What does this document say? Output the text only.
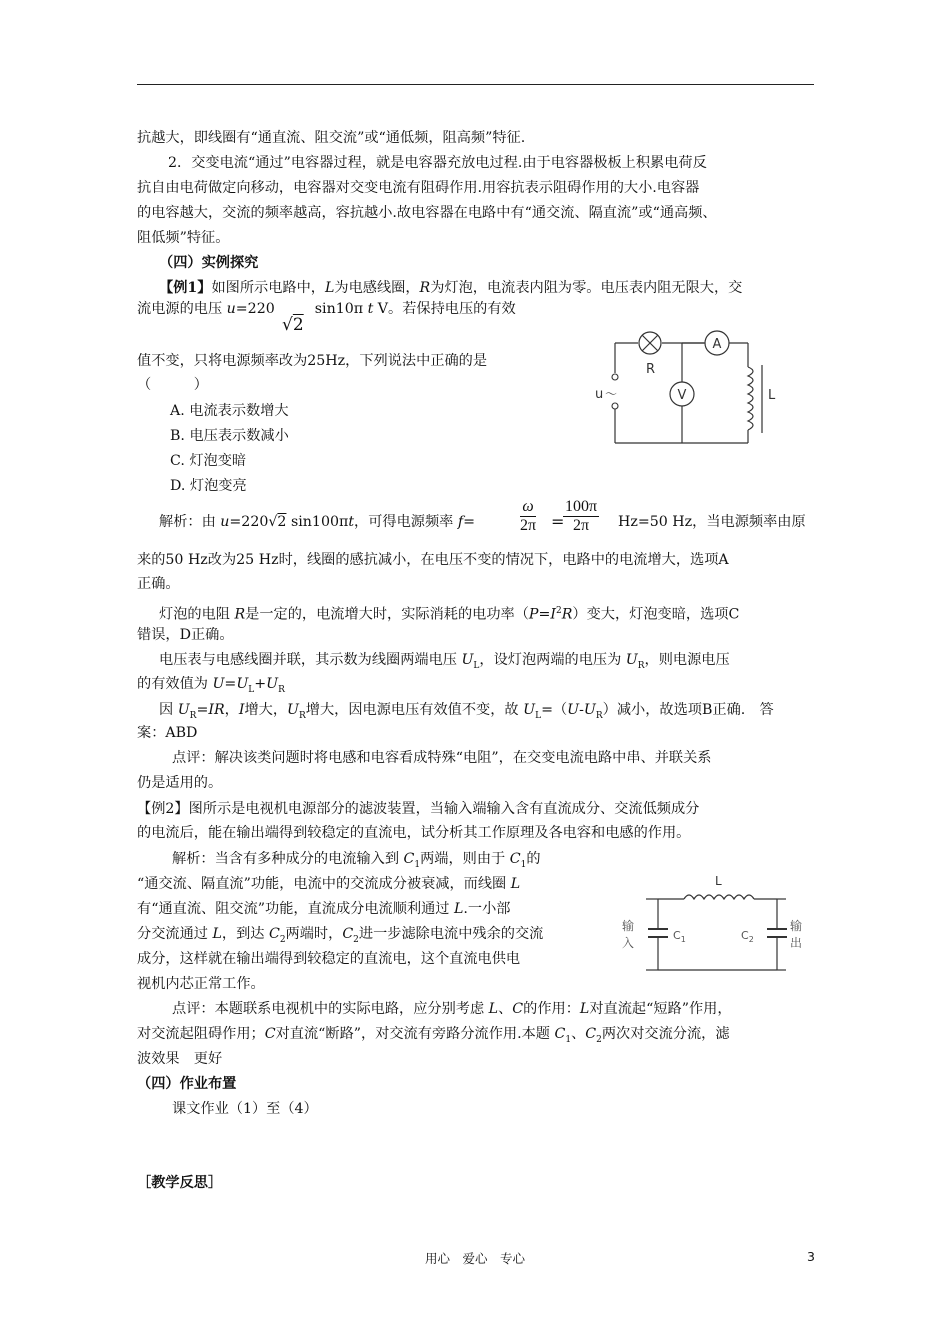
抗越大，即线圈有“通直流、阻交流”或“通低频，阻高频”特征.
2．交变电流“通过”电容器过程，就是电容器充放电过程.由于电容器极板上积累电荷反
抗自由电荷做定向移动，电容器对交变电流有阻碍作用.用容抗表示阻碍作用的大小.电容器
的电容越大，交流的频率越高，容抗越小.故电容器在电路中有“通交流、隔直流”或“通高频、
阻低频”特征。
（四）实例探究
【例1】如图所示电路中，L为电感线圈，R为灯泡，电流表内阻为零。电压表内阻无限大，交
流电源的电压 u=220	sin10π t V。若保持电压的有效
√2
值不变，只将电源频率改为25Hz，下列说法中正确的是
（　　　）
A. 电流表示数增大
B. 电压表示数减小
C. 灯泡变暗
D. 灯泡变亮
A
V
R
u ～	L
解析：由 u=220√2 sin100πt，可得电源频率 f=	$\frac{\omega}{2\pi}$ =
$\frac{100\pi}{2\pi} Hz=50$ Hz，当电源频率由原
来的50 Hz改为25 Hz时，线圈的感抗减小，在电压不变的情况下，电路中的电流增大，选项A
正确。
灯泡的电阻 R是一定的，电流增大时，实际消耗的电功率$(P=I^2R)$变大，灯泡变暗，选项C
错误，D正确。
电压表与电感线圈并联，其示数为线圈两端电压 $U_L$，设灯泡两端的电压为 $U_R$，则电源电压
的有效值为 $U=U_L+U_R$
因 $U_R=IR$，I增大，$U_R$增大，因电源电压有效值不变，故 $U_L=(U-U_R)$减小，故选项B正确.　答
案：ABD
点评：解决该类问题时将电感和电容看成特殊“电阻”，在交变电流电路中串、并联关系
仍是适用的。
【例2】图所示是电视机电源部分的滤波装置，当输入端输入含有直流成分、交流低频成分
的电流后，能在输出端得到较稳定的直流电，试分析其工作原理及各电容和电感的作用。
解析：当含有多种成分的电流输入到 $C_1$两端，则由于 $C_1$的
“通交流、隔直流”功能，电流中的交流成分被衰减，而线圈 L
有“通直流、阻交流”功能，直流成分电流顺利通过 L.一小部
分交流通过 L，到达 $C_2$两端时，$C_2$进一步滤除电流中残余的交流
成分，这样就在输出端得到较稳定的直流电，这个直流电供电
视机内芯正常工作。
点评：本题联系电视机中的实际电路，应分别考虑 L、C的作用：L对直流起“短路”作用，
对交流起阻碍作用；C对直流“断路”，对交流有旁路分流作用.本题 $C_1$、$C_2$两次对交流分流，滤
波效果　更好
L
输
入
输
出
$C_1$	$C_2$
（四）作业布置
课文作业（1）至（4）
［教学反思］
用心　爱心　专心	3
